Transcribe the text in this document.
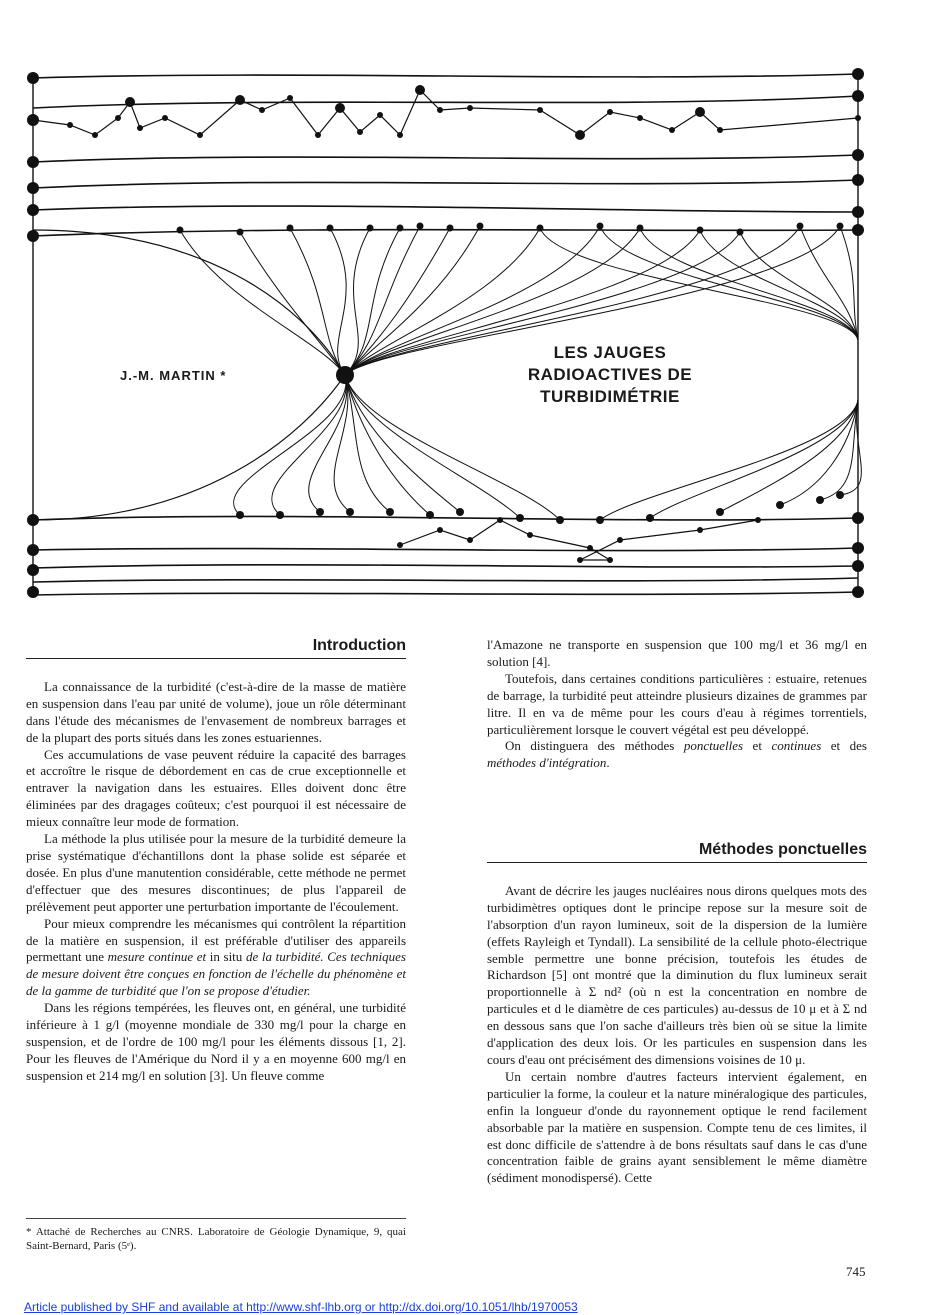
J.-M. MARTIN *
LES JAUGES
RADIOACTIVES DE
TURBIDIMÉTRIE
Introduction

La connaissance de la turbidité (c'est-à-dire de la masse de matière en suspension dans l'eau par unité de volume), joue un rôle déterminant dans l'étude des mécanismes de l'envasement de nombreux barrages et de la plupart des ports situés dans les zones estuariennes.

Ces accumulations de vase peuvent réduire la capacité des barrages et accroître le risque de débordement en cas de crue exceptionnelle et entraver la navigation dans les estuaires. Elles doivent donc être éliminées par des dragages coûteux; c'est pourquoi il est nécessaire de mieux connaître leur mode de formation.

La méthode la plus utilisée pour la mesure de la turbidité demeure la prise systématique d'échantillons dont la phase solide est séparée et dosée. En plus d'une manutention considérable, cette méthode ne permet d'effectuer que des mesures discontinues; de plus l'appareil de prélèvement peut apporter une perturbation importante de l'écoulement.

Pour mieux comprendre les mécanismes qui contrôlent la répartition de la matière en suspension, il est préférable d'utiliser des appareils permettant une mesure continue et in situ de la turbidité. Ces techniques de mesure doivent être conçues en fonction de l'échelle du phénomène et de la gamme de turbidité que l'on se propose d'étudier.

Dans les régions tempérées, les fleuves ont, en général, une turbidité inférieure à 1 g/l (moyenne mondiale de 330 mg/l pour la charge en suspension, et de l'ordre de 100 mg/l pour les éléments dissous [1, 2]. Pour les fleuves de l'Amérique du Nord il y a en moyenne 600 mg/l en suspension et 214 mg/l en solution [3]. Un fleuve comme

l'Amazone ne transporte en suspension que 100 mg/l et 36 mg/l en solution [4].

Toutefois, dans certaines conditions particulières : estuaire, retenues de barrage, la turbidité peut atteindre plusieurs dizaines de grammes par litre. Il en va de même pour les cours d'eau à régimes torrentiels, particulièrement lorsque le couvert végétal est peu développé.

On distinguera des méthodes ponctuelles et continues et des méthodes d'intégration.

Méthodes ponctuelles

Avant de décrire les jauges nucléaires nous dirons quelques mots des turbidimètres optiques dont le principe repose sur la mesure soit de l'absorption d'un rayon lumineux, soit de la dispersion de la lumière (effets Rayleigh et Tyndall). La sensibilité de la cellule photo-électrique semble permettre une bonne précision, toutefois les études de Richardson [5] ont montré que la diminution du flux lumineux serait proportionnelle à Σ nd² (où n est la concentration en nombre de particules et d le diamètre de ces particules) au-dessus de 10 μ et à Σ nd en dessous sans que l'on sache d'ailleurs très bien où se situe la limite d'application des deux lois. Or les particules en suspension dans les cours d'eau ont précisément des dimensions voisines de 10 μ.

Un certain nombre d'autres facteurs intervient également, en particulier la forme, la couleur et la nature minéralogique des particules, enfin la longueur d'onde du rayonnement optique le rend facilement absorbable par la matière en suspension. Compte tenu de ces limites, il est donc difficile de s'attendre à de bons résultats sauf dans le cas d'une concentration faible de grains ayant sensiblement le même diamètre (sédiment monodispersé). Cette

* Attaché de Recherches au CNRS. Laboratoire de Géologie Dynamique, 9, quai Saint-Bernard, Paris (5ᵉ).
745
Article published by SHF and available at http://www.shf-lhb.org or http://dx.doi.org/10.1051/lhb/1970053
